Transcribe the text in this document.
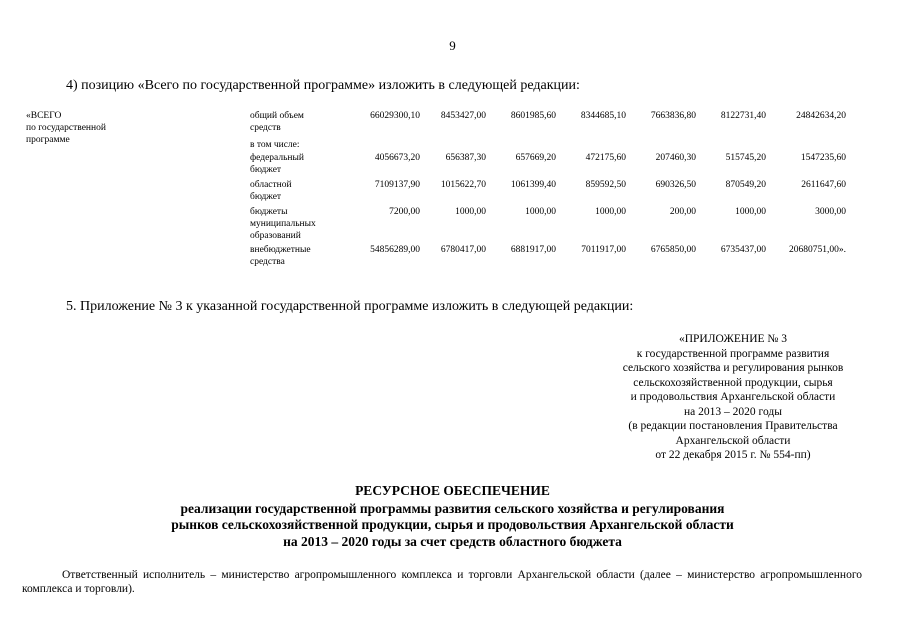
9
4) позицию «Всего по государственной программе» изложить в следующей редакции:
«ВСЕГО
по государственной
программе
общий объем
средств
66029300,10	8453427,00	8601985,60	8344685,10	7663836,80	8122731,40	24842634,20
в том числе:
федеральный
бюджет
4056673,20	656387,30	657669,20	472175,60	207460,30	515745,20	1547235,60
областной
бюджет
7109137,90	1015622,70	1061399,40	859592,50	690326,50	870549,20	2611647,60
бюджеты
муниципальных
образований
7200,00	1000,00	1000,00	1000,00	200,00	1000,00	3000,00
внебюджетные
средства
54856289,00	6780417,00	6881917,00	7011917,00	6765850,00	6735437,00	20680751,00».
5. Приложение № 3 к указанной государственной программе изложить в следующей редакции:
«ПРИЛОЖЕНИЕ № 3
к государственной программе развития
сельского хозяйства и регулирования рынков
сельскохозяйственной продукции, сырья
и продовольствия Архангельской области
на 2013 – 2020 годы
(в редакции постановления Правительства
Архангельской области
от 22 декабря 2015 г. № 554-пп)
РЕСУРСНОЕ ОБЕСПЕЧЕНИЕ
реализации государственной программы развития сельского хозяйства и регулирования
рынков сельскохозяйственной продукции, сырья и продовольствия Архангельской области
на 2013 – 2020 годы за счет средств областного бюджета
Ответственный исполнитель – министерство агропромышленного комплекса и торговли Архангельской области (далее – министерство агропромышленного комплекса и торговли).
